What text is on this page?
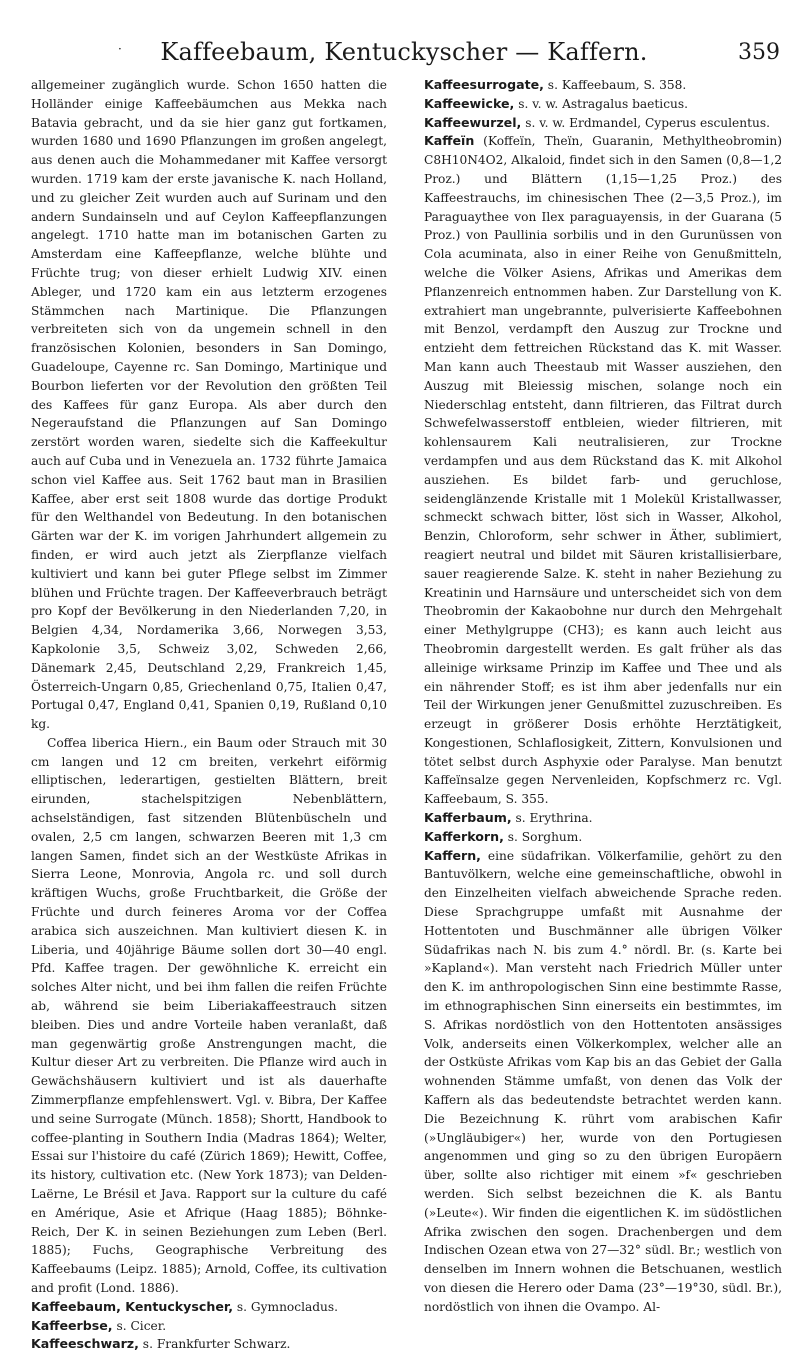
·	Kaffeebaum, Kentuckyscher — Kaffern.	359

allgemeiner zugänglich wurde. Schon 1650 hatten die Holländer einige Kaffeebäumchen aus Mekka nach Batavia gebracht, und da sie hier ganz gut fortkamen, wurden 1680 und 1690 Pflanzungen im großen angelegt, aus denen auch die Mohammedaner mit Kaffee versorgt wurden. 1719 kam der erste javanische K. nach Holland, und zu gleicher Zeit wurden auch auf Surinam und den andern Sundainseln und auf Ceylon Kaffeepflanzungen angelegt. 1710 hatte man im botanischen Garten zu Amsterdam eine Kaffeepflanze, welche blühte und Früchte trug; von dieser erhielt Ludwig XIV. einen Ableger, und 1720 kam ein aus letzterm erzogenes Stämmchen nach Martinique. Die Pflanzungen verbreiteten sich von da ungemein schnell in den französischen Kolonien, besonders in San Domingo, Guadeloupe, Cayenne rc. San Domingo, Martinique und Bourbon lieferten vor der Revolution den größten Teil des Kaffees für ganz Europa. Als aber durch den Negeraufstand die Pflanzungen auf San Domingo zerstört worden waren, siedelte sich die Kaffeekultur auch auf Cuba und in Venezuela an. 1732 führte Jamaica schon viel Kaffee aus. Seit 1762 baut man in Brasilien Kaffee, aber erst seit 1808 wurde das dortige Produkt für den Welthandel von Bedeutung. In den botanischen Gärten war der K. im vorigen Jahrhundert allgemein zu finden, er wird auch jetzt als Zierpflanze vielfach kultiviert und kann bei guter Pflege selbst im Zimmer blühen und Früchte tragen. Der Kaffeeverbrauch beträgt pro Kopf der Bevölkerung in den Niederlanden 7,20, in Belgien 4,34, Nordamerika 3,66, Norwegen 3,53, Kapkolonie 3,5, Schweiz 3,02, Schweden 2,66, Dänemark 2,45, Deutschland 2,29, Frankreich 1,45, Österreich-Ungarn 0,85, Griechenland 0,75, Italien 0,47, Portugal 0,47, England 0,41, Spanien 0,19, Rußland 0,10 kg.

Coffea liberica Hiern., ein Baum oder Strauch mit 30 cm langen und 12 cm breiten, verkehrt eiförmig elliptischen, lederartigen, gestielten Blättern, breit eirunden, stachelspitzigen Nebenblättern, achselständigen, fast sitzenden Blütenbüscheln und ovalen, 2,5 cm langen, schwarzen Beeren mit 1,3 cm langen Samen, findet sich an der Westküste Afrikas in Sierra Leone, Monrovia, Angola rc. und soll durch kräftigen Wuchs, große Fruchtbarkeit, die Größe der Früchte und durch feineres Aroma vor der Coffea arabica sich auszeichnen. Man kultiviert diesen K. in Liberia, und 40jährige Bäume sollen dort 30—40 engl. Pfd. Kaffee tragen. Der gewöhnliche K. erreicht ein solches Alter nicht, und bei ihm fallen die reifen Früchte ab, während sie beim Liberiakaffeestrauch sitzen bleiben. Dies und andre Vorteile haben veranlaßt, daß man gegenwärtig große Anstrengungen macht, die Kultur dieser Art zu verbreiten. Die Pflanze wird auch in Gewächshäusern kultiviert und ist als dauerhafte Zimmerpflanze empfehlenswert. Vgl. v. Bibra, Der Kaffee und seine Surrogate (Münch. 1858); Shortt, Handbook to coffee-planting in Southern India (Madras 1864); Welter, Essai sur l'histoire du café (Zürich 1869); Hewitt, Coffee, its history, cultivation etc. (New York 1873); van Delden-Laërne, Le Brésil et Java. Rapport sur la culture du café en Amérique, Asie et Afrique (Haag 1885); Böhnke-Reich, Der K. in seinen Beziehungen zum Leben (Berl. 1885); Fuchs, Geographische Verbreitung des Kaffeebaums (Leipz. 1885); Arnold, Coffee, its cultivation and profit (Lond. 1886).

Kaffeebaum, Kentuckyscher, s. Gymnocladus.

Kaffeerbse, s. Cicer.

Kaffeeschwarz, s. Frankfurter Schwarz.

Kaffeesurrogate, s. Kaffeebaum, S. 358.

Kaffeewicke, s. v. w. Astragalus baeticus.

Kaffeewurzel, s. v. w. Erdmandel, Cyperus esculentus.

Kaffeïn (Koffeïn, Theïn, Guaranin, Methyltheobromin) C8H10N4O2, Alkaloid, findet sich in den Samen (0,8—1,2 Proz.) und Blättern (1,15—1,25 Proz.) des Kaffeestrauchs, im chinesischen Thee (2—3,5 Proz.), im Paraguaythee von Ilex paraguayensis, in der Guarana (5 Proz.) von Paullinia sorbilis und in den Gurunüssen von Cola acuminata, also in einer Reihe von Genußmitteln, welche die Völker Asiens, Afrikas und Amerikas dem Pflanzenreich entnommen haben. Zur Darstellung von K. extrahiert man ungebrannte, pulverisierte Kaffeebohnen mit Benzol, verdampft den Auszug zur Trockne und entzieht dem fettreichen Rückstand das K. mit Wasser. Man kann auch Theestaub mit Wasser ausziehen, den Auszug mit Bleiessig mischen, solange noch ein Niederschlag entsteht, dann filtrieren, das Filtrat durch Schwefelwasserstoff entbleien, wieder filtrieren, mit kohlensaurem Kali neutralisieren, zur Trockne verdampfen und aus dem Rückstand das K. mit Alkohol ausziehen. Es bildet farb- und geruchlose, seidenglänzende Kristalle mit 1 Molekül Kristallwasser, schmeckt schwach bitter, löst sich in Wasser, Alkohol, Benzin, Chloroform, sehr schwer in Äther, sublimiert, reagiert neutral und bildet mit Säuren kristallisierbare, sauer reagierende Salze. K. steht in naher Beziehung zu Kreatinin und Harnsäure und unterscheidet sich von dem Theobromin der Kakaobohne nur durch den Mehrgehalt einer Methylgruppe (CH3); es kann auch leicht aus Theobromin dargestellt werden. Es galt früher als das alleinige wirksame Prinzip im Kaffee und Thee und als ein nährender Stoff; es ist ihm aber jedenfalls nur ein Teil der Wirkungen jener Genußmittel zuzuschreiben. Es erzeugt in größerer Dosis erhöhte Herztätigkeit, Kongestionen, Schlaflosigkeit, Zittern, Konvulsionen und tötet selbst durch Asphyxie oder Paralyse. Man benutzt Kaffeïnsalze gegen Nervenleiden, Kopfschmerz rc. Vgl. Kaffeebaum, S. 355.

Kafferbaum, s. Erythrina.

Kafferkorn, s. Sorghum.

Kaffern, eine südafrikan. Völkerfamilie, gehört zu den Bantuvölkern, welche eine gemeinschaftliche, obwohl in den Einzelheiten vielfach abweichende Sprache reden. Diese Sprachgruppe umfaßt mit Ausnahme der Hottentoten und Buschmänner alle übrigen Völker Südafrikas nach N. bis zum 4.° nördl. Br. (s. Karte bei »Kapland«). Man versteht nach Friedrich Müller unter den K. im anthropologischen Sinn eine bestimmte Rasse, im ethnographischen Sinn einerseits ein bestimmtes, im S. Afrikas nordöstlich von den Hottentoten ansässiges Volk, anderseits einen Völkerkomplex, welcher alle an der Ostküste Afrikas vom Kap bis an das Gebiet der Galla wohnenden Stämme umfaßt, von denen das Volk der Kaffern als das bedeutendste betrachtet werden kann. Die Bezeichnung K. rührt vom arabischen Kafir (»Ungläubiger«) her, wurde von den Portugiesen angenommen und ging so zu den übrigen Europäern über, sollte also richtiger mit einem »f« geschrieben werden. Sich selbst bezeichnen die K. als Bantu (»Leute«). Wir finden die eigentlichen K. im südöstlichen Afrika zwischen den sogen. Drachenbergen und dem Indischen Ozean etwa von 27—32° südl. Br.; westlich von denselben im Innern wohnen die Betschuanen, westlich von diesen die Herero oder Dama (23°—19°30, südl. Br.), nordöstlich von ihnen die Ovampo. Al-
